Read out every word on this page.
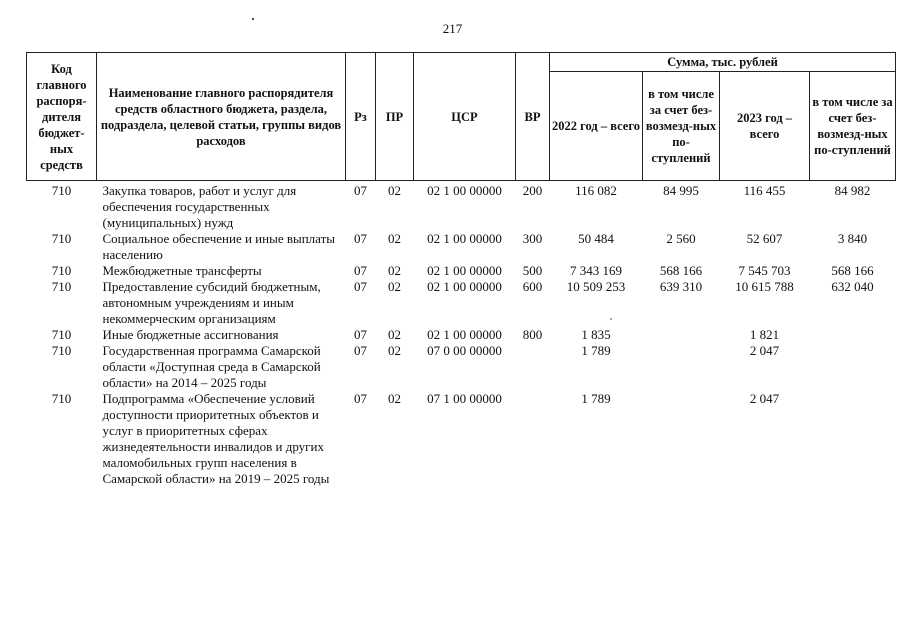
217
Код главного распоря-дителя бюджет-ных средств	Наименование главного распорядителя средств областного бюджета, раздела, подраздела, целевой статьи, группы видов расходов	Рз	ПР	ЦСР	ВР	Сумма, тыс. рублей			
						2022 год – всего	в том числе за счет без-возмезд-ных по-ступлений	2023 год – всего	в том числе за счет без-возмезд-ных по-ступлений
710	Закупка товаров, работ и услуг для обеспечения государственных (муниципальных) нужд	07	02	02 1 00 00000	200	116 082	84 995	116 455	84 982
710	Социальное обеспечение и иные выплаты населению	07	02	02 1 00 00000	300	50 484	2 560	52 607	3 840
710	Межбюджетные трансферты	07	02	02 1 00 00000	500	7 343 169	568 166	7 545 703	568 166
710	Предоставление субсидий бюджетным, автономным учреждениям и иным некоммерческим организациям	07	02	02 1 00 00000	600	10 509 253	639 310	10 615 788	632 040
710	Иные бюджетные ассигнования	07	02	02 1 00 00000	800	1 835		1 821	
710	Государственная программа Самарской области «Доступная среда в Самарской области» на 2014 – 2025 годы	07	02	07 0 00 00000		1 789		2 047	
710	Подпрограмма «Обеспечение условий доступности приоритетных объектов и услуг в приоритетных сферах жизнедеятельности инвалидов и других маломобильных групп населения в Самарской области» на 2019 – 2025 годы	07	02	07 1 00 00000		1 789		2 047	
